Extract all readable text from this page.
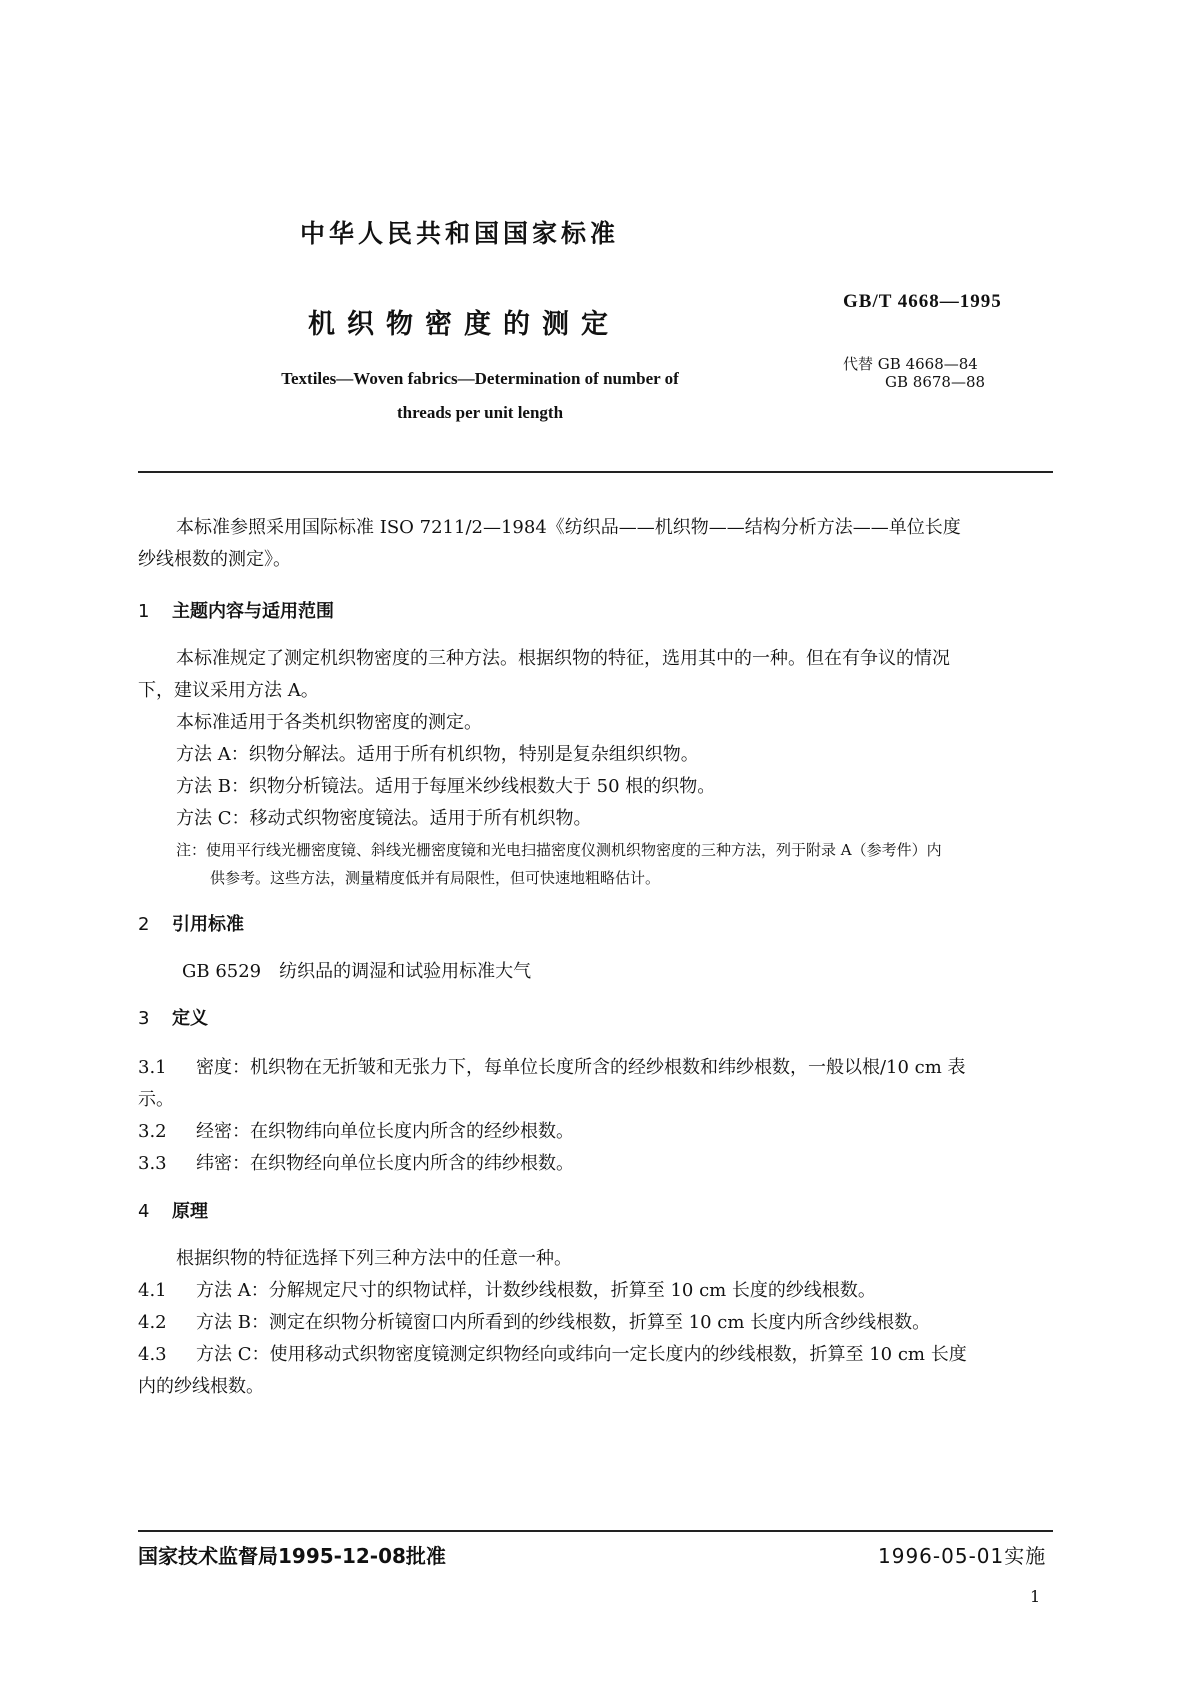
中华人民共和国国家标准
机织物密度的测定
GB/T 4668—1995
代替 GB 4668—84
GB 8678—88
Textiles—Woven fabrics—Determination of number of
threads per unit length
本标准参照采用国际标准 ISO 7211/2—1984《纺织品——机织物——结构分析方法——单位长度
纱线根数的测定》。
1 主题内容与适用范围
本标准规定了测定机织物密度的三种方法。根据织物的特征，选用其中的一种。但在有争议的情况
下，建议采用方法 A。
本标准适用于各类机织物密度的测定。
方法 A：织物分解法。适用于所有机织物，特别是复杂组织织物。
方法 B：织物分析镜法。适用于每厘米纱线根数大于 50 根的织物。
方法 C：移动式织物密度镜法。适用于所有机织物。
注：使用平行线光栅密度镜、斜线光栅密度镜和光电扫描密度仪测机织物密度的三种方法，列于附录 A（参考件）内
供参考。这些方法，测量精度低并有局限性，但可快速地粗略估计。
2 引用标准
GB 6529　纺织品的调湿和试验用标准大气
3 定义
3.1 密度：机织物在无折皱和无张力下，每单位长度所含的经纱根数和纬纱根数，一般以根/10 cm 表
示。
3.2 经密：在织物纬向单位长度内所含的经纱根数。
3.3 纬密：在织物经向单位长度内所含的纬纱根数。
4 原理
根据织物的特征选择下列三种方法中的任意一种。
4.1 方法 A：分解规定尺寸的织物试样，计数纱线根数，折算至 10 cm 长度的纱线根数。
4.2 方法 B：测定在织物分析镜窗口内所看到的纱线根数，折算至 10 cm 长度内所含纱线根数。
4.3 方法 C：使用移动式织物密度镜测定织物经向或纬向一定长度内的纱线根数，折算至 10 cm 长度
内的纱线根数。
国家技术监督局1995-12-08批准	1996-05-01实施
1
